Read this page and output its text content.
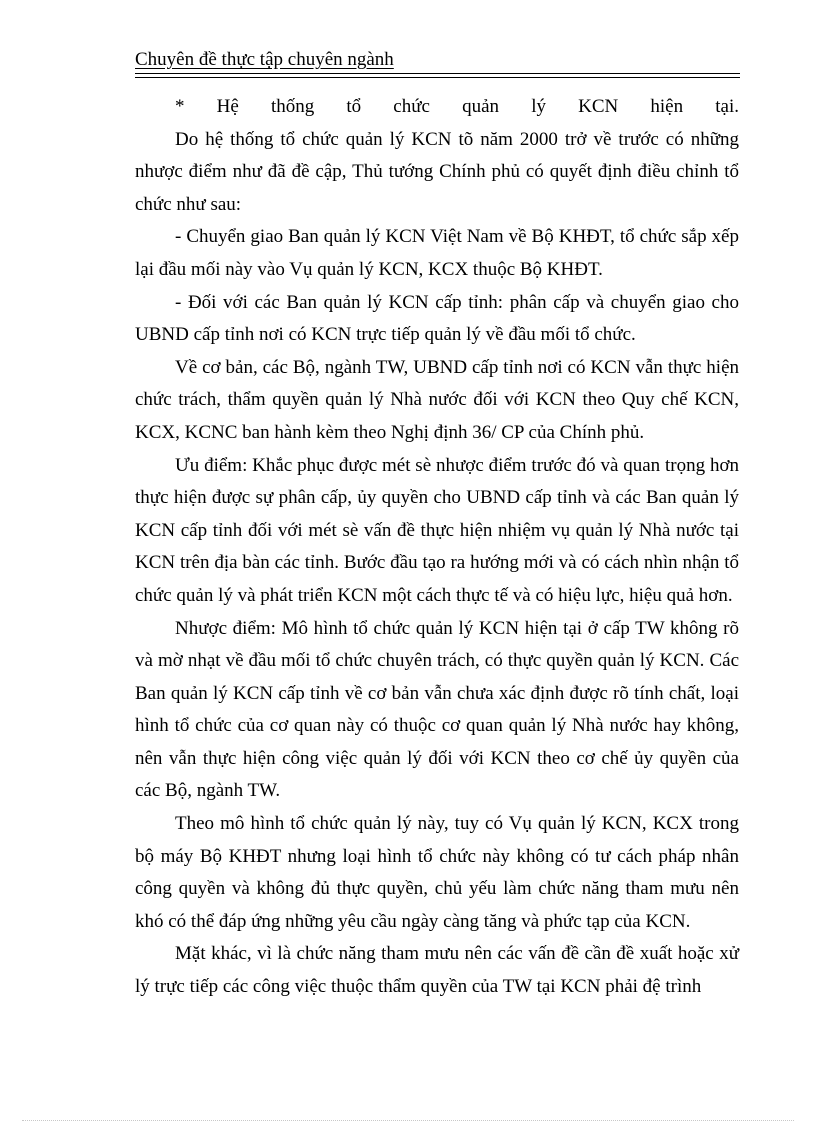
Chuyên đề thực tập chuyên ngành

* Hệ thống tổ chức quản lý KCN hiện tại.

Do hệ thống tổ chức quản lý KCN tõ năm 2000 trở về trước có những nhược điểm như đã đề cập, Thủ tướng Chính phủ có quyết định điều chỉnh tổ chức như sau:

- Chuyển giao Ban quản lý KCN Việt Nam về Bộ KHĐT, tổ chức sắp xếp lại đầu mối này vào Vụ quản lý KCN, KCX thuộc Bộ KHĐT.

- Đối với các Ban quản lý KCN cấp tỉnh: phân cấp và chuyển giao cho UBND cấp tỉnh nơi có KCN trực tiếp quản lý về đầu mối tổ chức.

Về cơ bản, các Bộ, ngành TW, UBND cấp tỉnh nơi có KCN vẫn thực hiện chức trách, thẩm quyền quản lý Nhà nước đối với KCN theo Quy chế KCN, KCX, KCNC ban hành kèm theo Nghị định 36/ CP của Chính phủ.

Ưu điểm: Khắc phục được mét sè nhược điểm trước đó và quan trọng hơn thực hiện được sự phân cấp, ủy quyền cho UBND cấp tỉnh và các Ban quản lý KCN cấp tỉnh đối với mét sè vấn đề thực hiện nhiệm vụ quản lý Nhà nước tại KCN trên địa bàn các tỉnh. Bước đầu tạo ra hướng mới và có cách nhìn nhận tổ chức quản lý và phát triển KCN một cách thực tế và có hiệu lực, hiệu quả hơn.

Nhược điểm: Mô hình tổ chức quản lý KCN hiện tại ở cấp TW không rõ và mờ nhạt về đầu mối tổ chức chuyên trách, có thực quyền quản lý KCN. Các Ban quản lý KCN cấp tỉnh về cơ bản vẫn chưa xác định được rõ tính chất, loại hình tổ chức của cơ quan này có thuộc cơ quan quản lý Nhà nước hay không, nên vẫn thực hiện công việc quản lý đối với KCN theo cơ chế ủy quyền của các Bộ, ngành TW.

Theo mô hình tổ chức quản lý này, tuy có Vụ quản lý KCN, KCX trong bộ máy Bộ KHĐT nhưng loại hình tổ chức này không có tư cách pháp nhân công quyền và không đủ thực quyền, chủ yếu làm chức năng tham mưu nên khó có thể đáp ứng những yêu cầu ngày càng tăng và phức tạp của KCN.

Mặt khác, vì là chức năng tham mưu nên các vấn đề cần đề xuất hoặc xử lý trực tiếp các công việc thuộc thẩm quyền của TW tại KCN phải đệ trình
